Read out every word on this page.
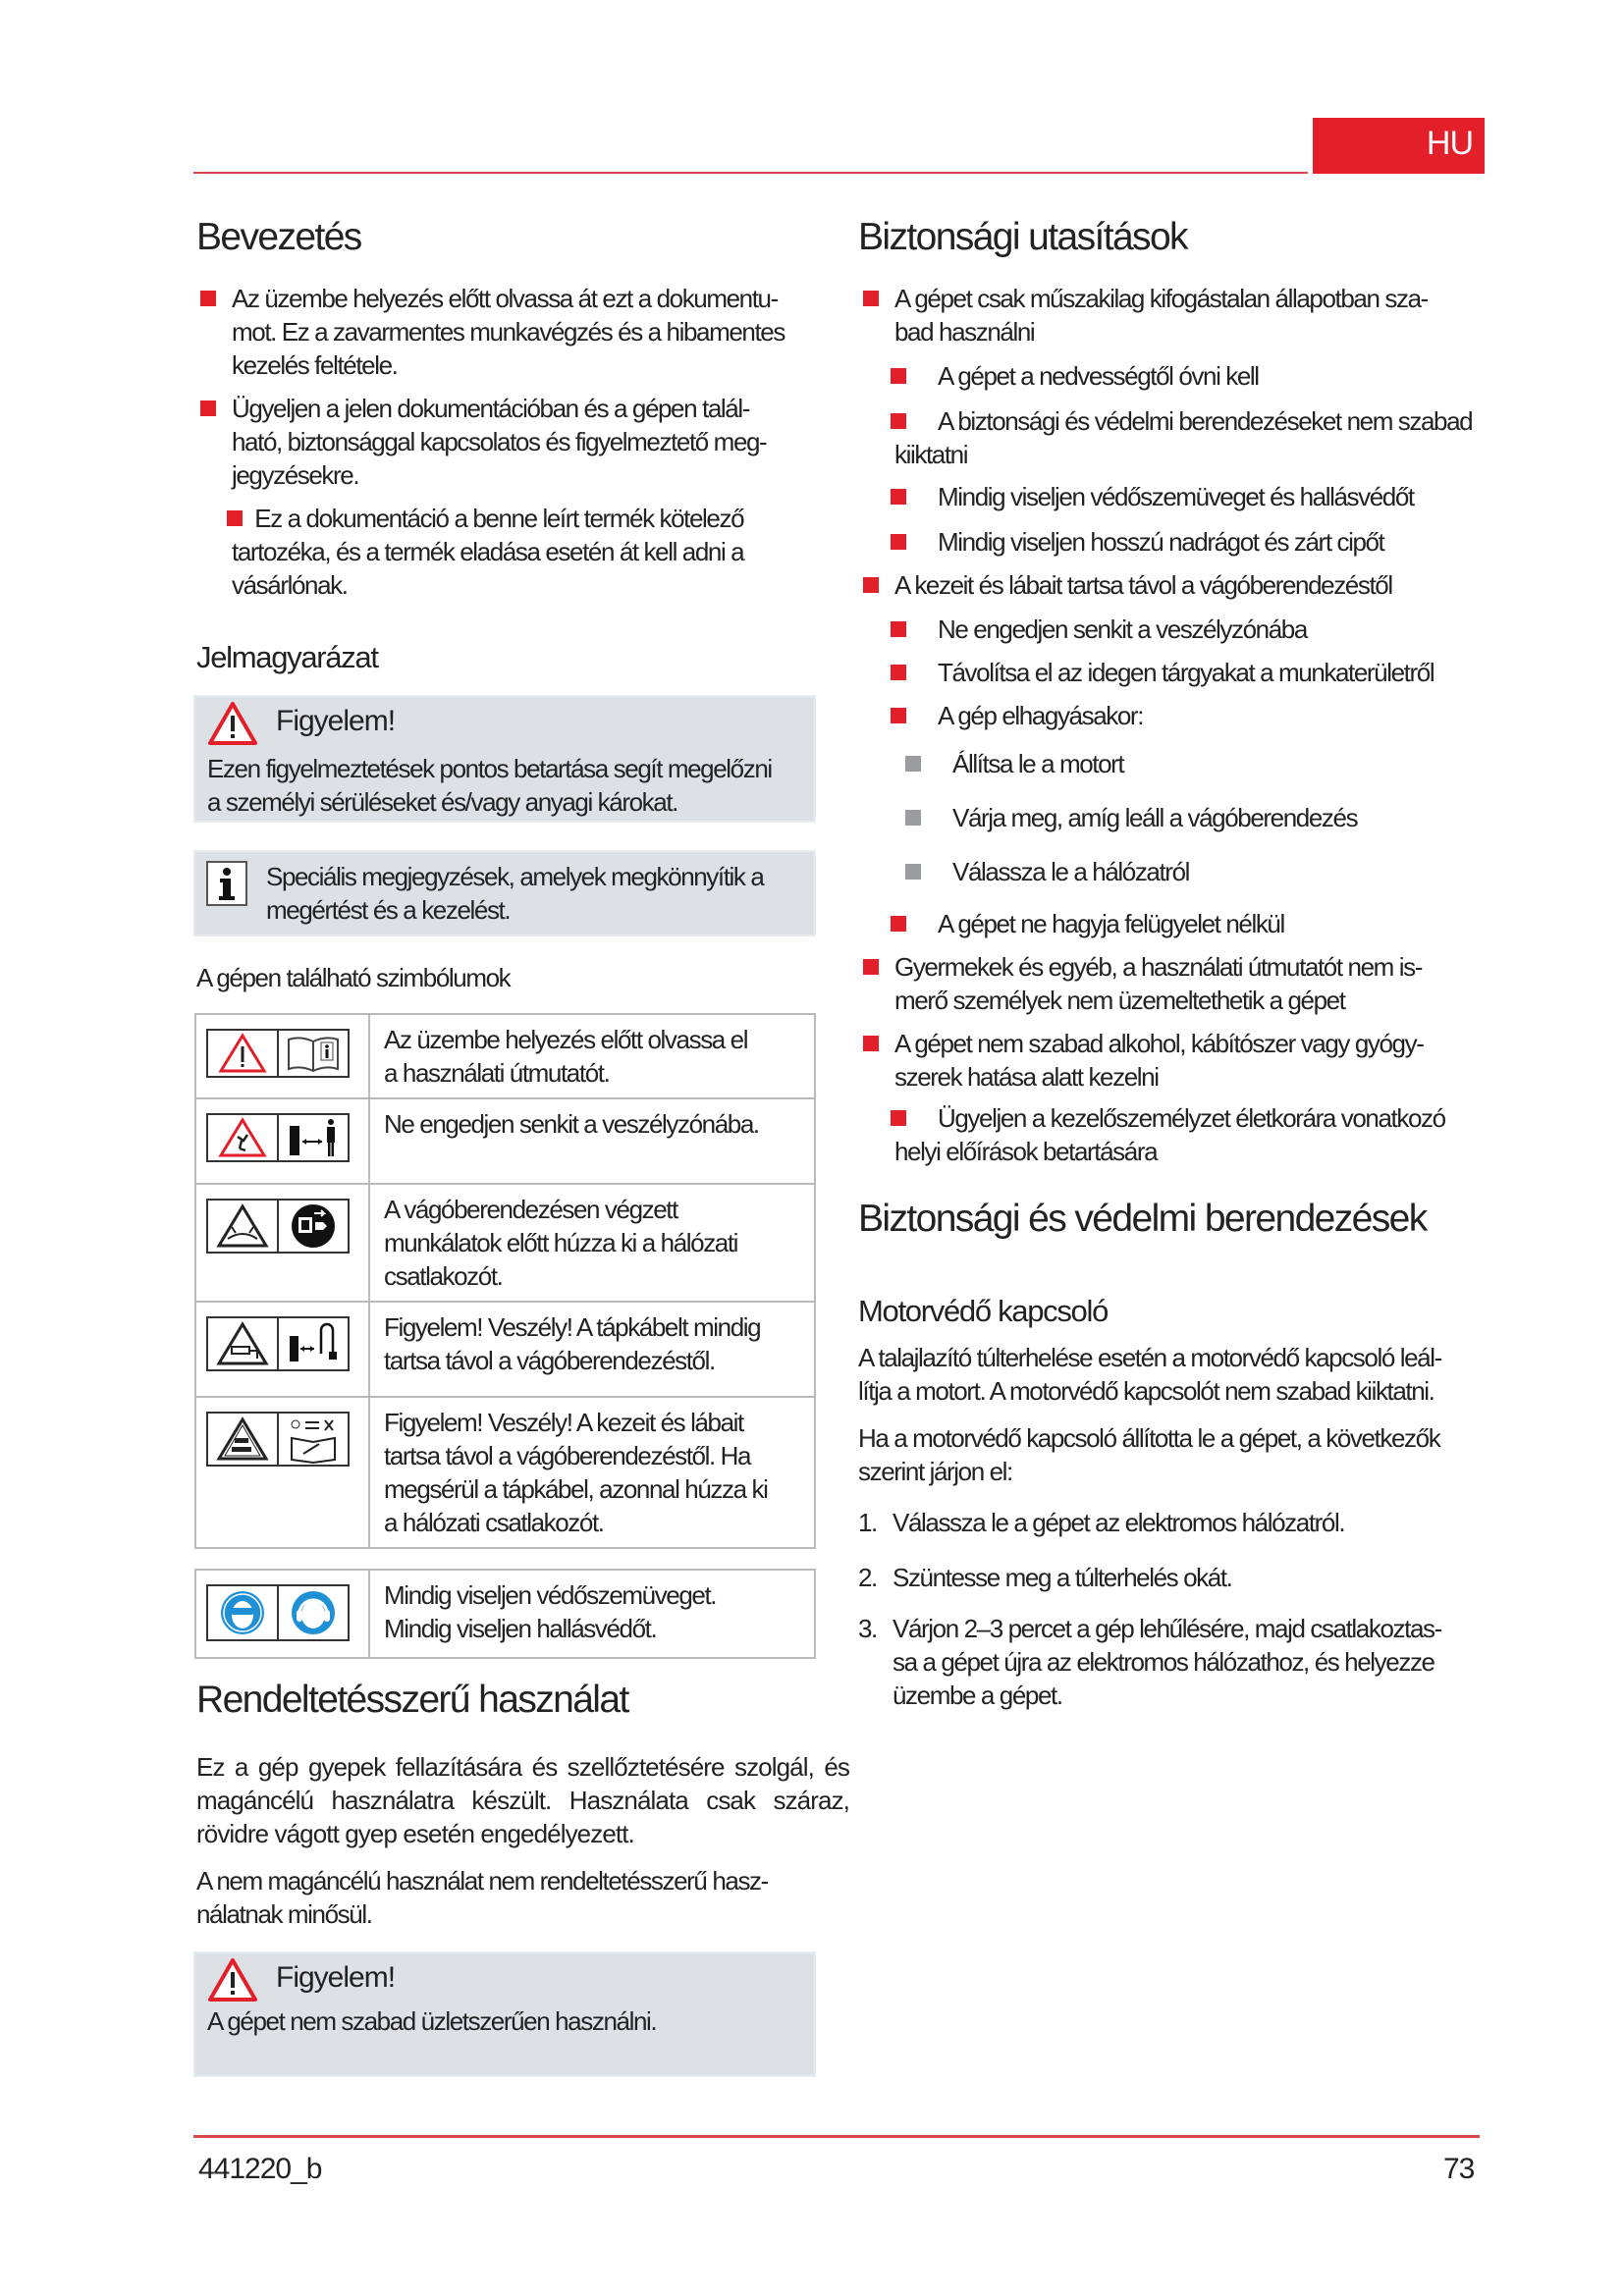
HU
Bevezetés
Az üzembe helyezés előtt olvassa át ezt a dokumentu-
mot. Ez a zavarmentes munkavégzés és a hibamentes
kezelés feltétele.
Ügyeljen a jelen dokumentációban és a gépen talál-
ható, biztonsággal kapcsolatos és figyelmeztető meg-
jegyzésekre.
Ez a dokumentáció a benne leírt termék kötelező
tartozéka, és a termék eladása esetén át kell adni a
vásárlónak.
Jelmagyarázat
Figyelem!
Ezen figyelmeztetések pontos betartása segít megelőzni
a személyi sérüléseket és/vagy anyagi károkat.
Speciális megjegyzések, amelyek megkönnyítik a
megértést és a kezelést.
A gépen található szimbólumok
	Az üzembe helyezés előtt olvassa el
a használati útmutatót.

	Ne engedjen senkit a veszélyzónába.

	A vágóberendezésen végzett
munkálatok előtt húzza ki a hálózati
csatlakozót.

	Figyelem! Veszély! A tápkábelt mindig
tartsa távol a vágóberendezéstől.

	Figyelem! Veszély! A kezeit és lábait
tartsa távol a vágóberendezéstől. Ha
megsérül a tápkábel, azonnal húzza ki
a hálózati csatlakozót.
	Mindig viseljen védőszemüveget.
Mindig viseljen hallásvédőt.
Rendeltetésszerű használat
Ez a gép gyepek fellazítására és szellőztetésére szolgál, és magáncélú használatra készült. Használata csak száraz, rövidre vágott gyep esetén engedélyezett.
A nem magáncélú használat nem rendeltetésszerű hasz-
nálatnak minősül.
Figyelem!
A gépet nem szabad üzletszerűen használni.
Biztonsági utasítások
A gépet csak műszakilag kifogástalan állapotban sza-
bad használni
A gépet a nedvességtől óvni kell
A biztonsági és védelmi berendezéseket nem szabad
kiiktatni
Mindig viseljen védőszemüveget és hallásvédőt
Mindig viseljen hosszú nadrágot és zárt cipőt
A kezeit és lábait tartsa távol a vágóberendezéstől
Ne engedjen senkit a veszélyzónába
Távolítsa el az idegen tárgyakat a munkaterületről
A gép elhagyásakor:
Állítsa le a motort
Várja meg, amíg leáll a vágóberendezés
Válassza le a hálózatról
A gépet ne hagyja felügyelet nélkül
Gyermekek és egyéb, a használati útmutatót nem is-
merő személyek nem üzemeltethetik a gépet
A gépet nem szabad alkohol, kábítószer vagy gyógy-
szerek hatása alatt kezelni
Ügyeljen a kezelőszemélyzet életkorára vonatkozó
helyi előírások betartására
Biztonsági és védelmi berendezések
Motorvédő kapcsoló
A talajlazító túlterhelése esetén a motorvédő kapcsoló leál-
lítja a motort. A motorvédő kapcsolót nem szabad kiiktatni.
Ha a motorvédő kapcsoló állította le a gépet, a következők
szerint járjon el:
1. Válassza le a gépet az elektromos hálózatról.
2. Szüntesse meg a túlterhelés okát.
3. Várjon 2–3 percet a gép lehűlésére, majd csatlakoztas-
sa a gépet újra az elektromos hálózathoz, és helyezze
üzembe a gépet.
441220_b	73
